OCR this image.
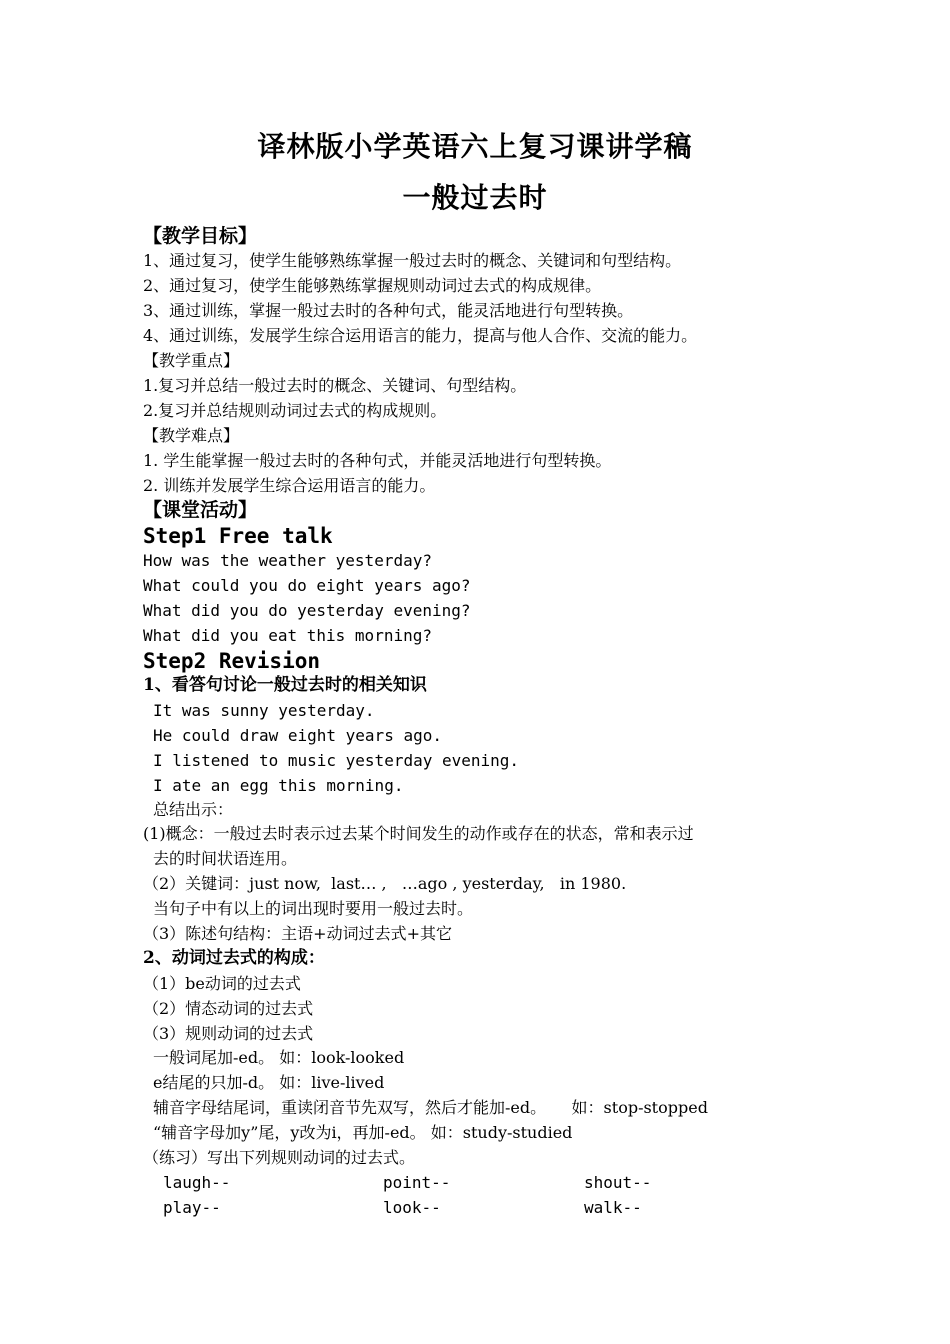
译林版小学英语六上复习课讲学稿
一般过去时
【教学目标】
1、通过复习，使学生能够熟练掌握一般过去时的概念、关键词和句型结构。
2、通过复习，使学生能够熟练掌握规则动词过去式的构成规律。
3、通过训练，掌握一般过去时的各种句式，能灵活地进行句型转换。
4、通过训练，发展学生综合运用语言的能力，提高与他人合作、交流的能力。
【教学重点】
1.复习并总结一般过去时的概念、关键词、句型结构。
2.复习并总结规则动词过去式的构成规则。
【教学难点】
1. 学生能掌握一般过去时的各种句式，并能灵活地进行句型转换。
2. 训练并发展学生综合运用语言的能力。
【课堂活动】
Step1 Free talk
How was the weather yesterday?
What could you do eight years ago?
What did you do yesterday evening?
What did you eat this morning?
Step2 Revision
1、看答句讨论一般过去时的相关知识
It was sunny yesterday.
He could draw eight years ago.
I listened to music yesterday evening.
I ate an egg this morning.
总结出示：
(1)概念：一般过去时表示过去某个时间发生的动作或存在的状态，常和表示过
去的时间状语连用。
（2）关键词：just now,  last… ,   …ago , yesterday,   in 1980.
当句子中有以上的词出现时要用一般过去时。
（3）陈述句结构：主语+动词过去式+其它
2、动词过去式的构成：
（1）be动词的过去式
（2）情态动词的过去式
（3）规则动词的过去式
一般词尾加-ed。 如：look-looked
e结尾的只加-d。 如：live-lived
辅音字母结尾词，重读闭音节先双写，然后才能加-ed。     如：stop-stopped
“辅音字母加y”尾，y改为i，再加-ed。 如：study-studied
（练习）写出下列规则动词的过去式。
laugh--	point--	shout--
play--	look--	walk--
